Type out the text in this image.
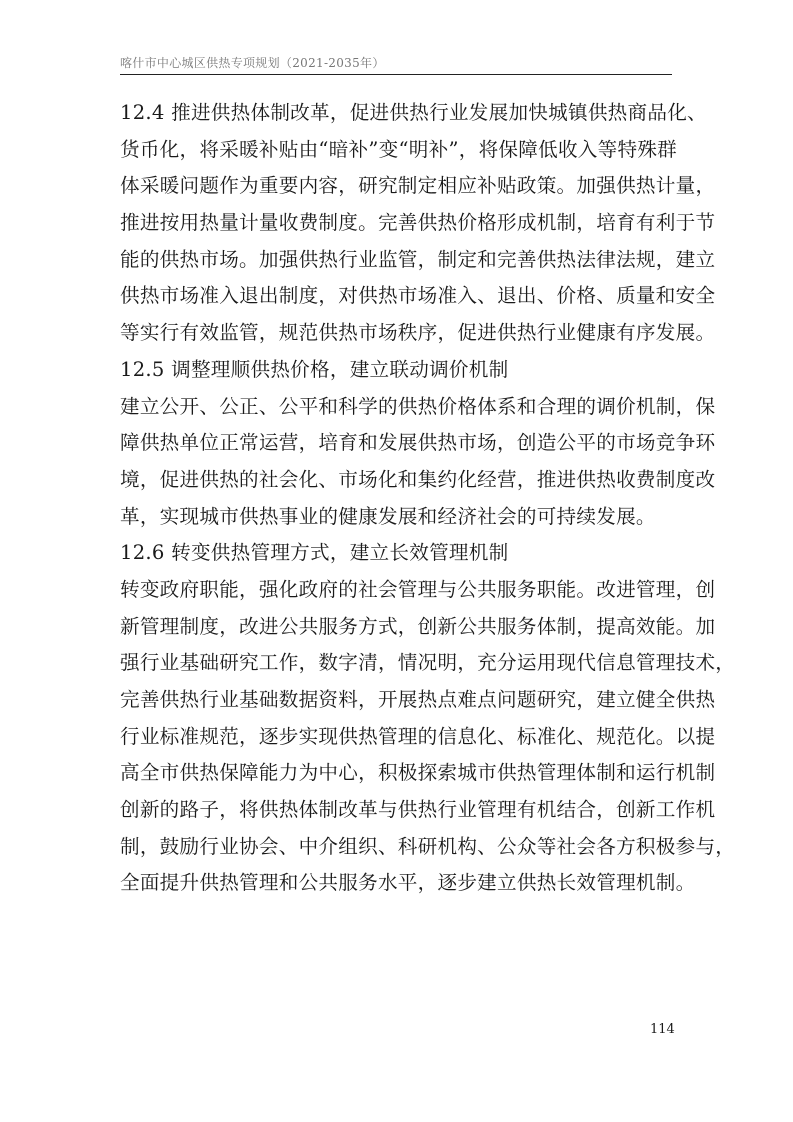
喀什市中心城区供热专项规划（2021-2035年）
12.4 推进供热体制改革，促进供热行业发展加快城镇供热商品化、
货币化，将采暖补贴由“暗补”变“明补”，将保障低收入等特殊群
体采暖问题作为重要内容，研究制定相应补贴政策。加强供热计量，
推进按用热量计量收费制度。完善供热价格形成机制，培育有利于节
能的供热市场。加强供热行业监管，制定和完善供热法律法规，建立
供热市场准入退出制度，对供热市场准入、退出、价格、质量和安全
等实行有效监管，规范供热市场秩序，促进供热行业健康有序发展。
12.5 调整理顺供热价格，建立联动调价机制
建立公开、公正、公平和科学的供热价格体系和合理的调价机制，保
障供热单位正常运营，培育和发展供热市场，创造公平的市场竞争环
境，促进供热的社会化、市场化和集约化经营，推进供热收费制度改
革，实现城市供热事业的健康发展和经济社会的可持续发展。
12.6 转变供热管理方式，建立长效管理机制
转变政府职能，强化政府的社会管理与公共服务职能。改进管理，创
新管理制度，改进公共服务方式，创新公共服务体制，提高效能。加
强行业基础研究工作，数字清，情况明，充分运用现代信息管理技术，
完善供热行业基础数据资料，开展热点难点问题研究，建立健全供热
行业标准规范，逐步实现供热管理的信息化、标准化、规范化。以提
高全市供热保障能力为中心，积极探索城市供热管理体制和运行机制
创新的路子，将供热体制改革与供热行业管理有机结合，创新工作机
制，鼓励行业协会、中介组织、科研机构、公众等社会各方积极参与，
全面提升供热管理和公共服务水平，逐步建立供热长效管理机制。
114
